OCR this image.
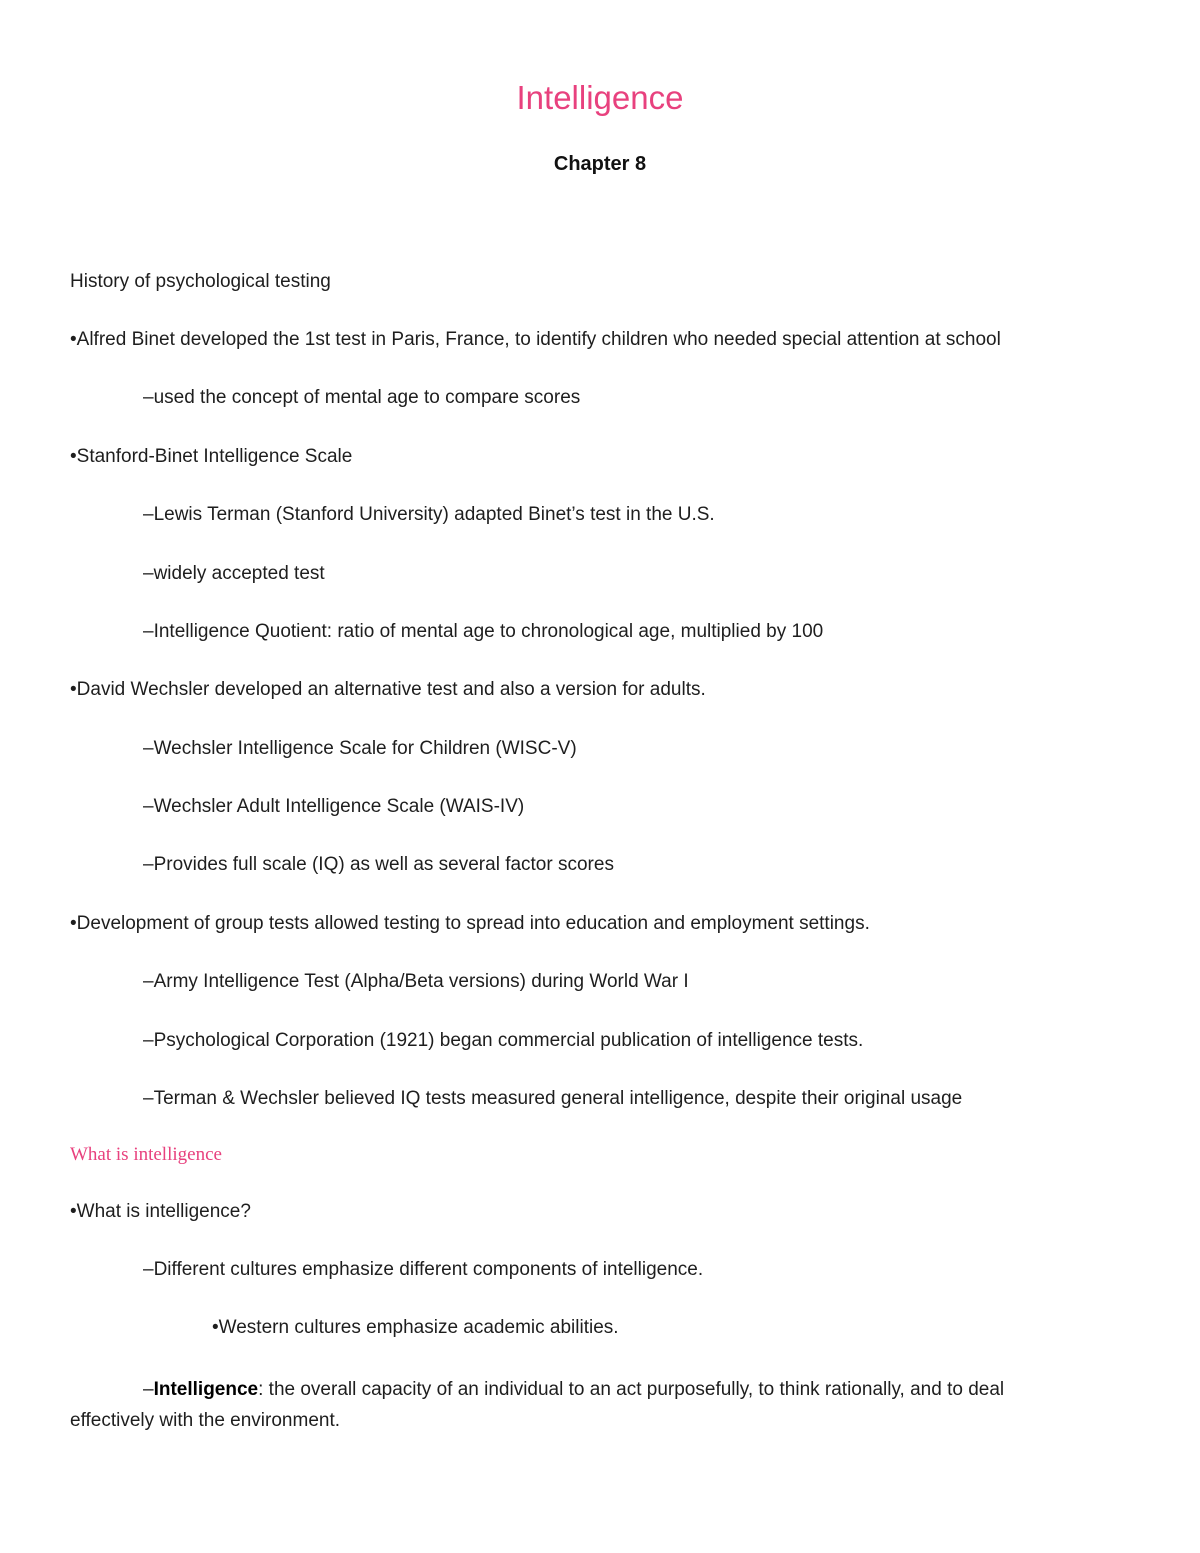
Intelligence
Chapter 8
History of psychological testing
•Alfred Binet developed the 1st test in Paris, France, to identify children who needed special attention at school
–used the concept of mental age to compare scores
•Stanford-Binet Intelligence Scale
–Lewis Terman (Stanford University) adapted Binet’s test in the U.S.
–widely accepted test
–Intelligence Quotient: ratio of mental age to chronological age, multiplied by 100
•David Wechsler developed an alternative test and also a version for adults.
–Wechsler Intelligence Scale for Children (WISC-V)
–Wechsler Adult Intelligence Scale (WAIS-IV)
–Provides full scale (IQ) as well as several factor scores
•Development of group tests allowed testing to spread into education and employment settings.
–Army Intelligence Test (Alpha/Beta versions) during World War I
–Psychological Corporation (1921) began commercial publication of intelligence tests.
–Terman & Wechsler believed IQ tests measured general intelligence, despite their original usage
What is intelligence
•What is intelligence?
–Different cultures emphasize different components of intelligence.
•Western cultures emphasize academic abilities.
–Intelligence: the overall capacity of an individual to an act purposefully, to think rationally, and to deal effectively with the environment.
